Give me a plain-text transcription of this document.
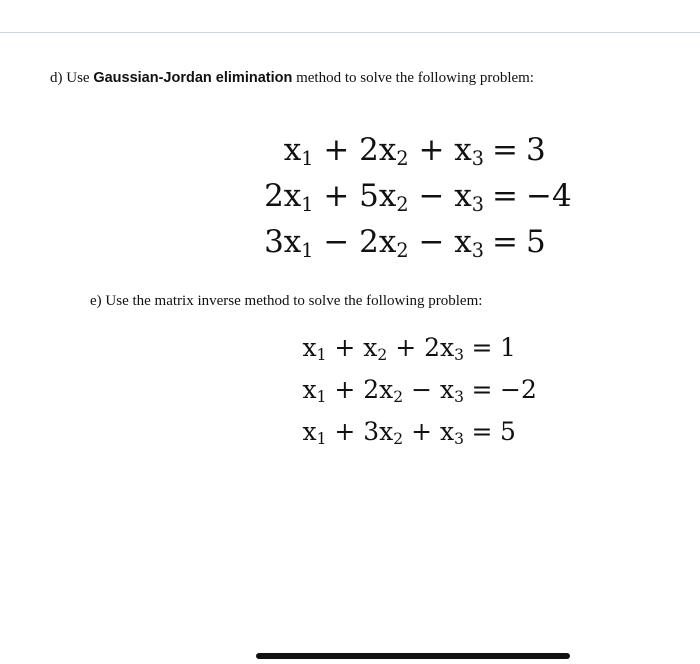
d) Use Gaussian-Jordan elimination method to solve the following problem:
$x_1 + 2x_2 + x_3 = 3$
$2x_1 + 5x_2 - x_3 = -4$
$3x_1 - 2x_2 - x_3 = 5$
e) Use the matrix inverse method to solve the following problem:
$x_1 + x_2 + 2x_3 = 1$
$x_1 + 2x_2 - x_3 = -2$
$x_1 + 3x_2 + x_3 = 5$
